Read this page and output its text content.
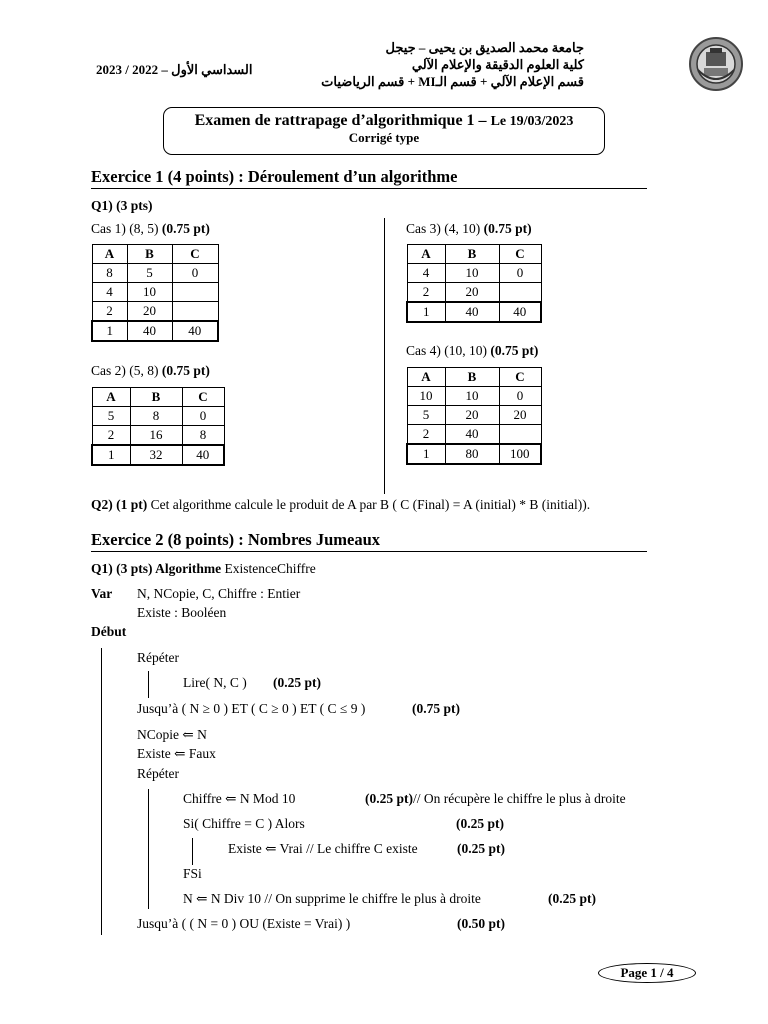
جامعة محمد الصديق بن يحيى – جيجل
كلية العلوم الدقيقة والإعلام الآلي
قسم الإعلام الآلي + قسم الـMI + قسم الرياضيات
السداسي الأول – 2022 / 2023
Examen de rattrapage d’algorithmique 1 – Le 19/03/2023
Corrigé type
Exercice 1 (4 points) : Déroulement d’un algorithme
Q1) (3 pts)
Cas 1) (8, 5) (0.75 pt)
A	B	C
8	5	0
4	10	
2	20	
1	40	40
Cas 2) (5, 8) (0.75 pt)
A	B	C
5	8	0
2	16	8
1	32	40
Cas 3) (4, 10) (0.75 pt)
A	B	C
4	10	0
2	20	
1	40	40
Cas 4) (10, 10) (0.75 pt)
A	B	C
10	10	0
5	20	20
2	40	
1	80	100
Q2) (1 pt) Cet algorithme calcule le produit de A par B ( C (Final) = A (initial) * B (initial)).
Exercice 2 (8 points) : Nombres Jumeaux
Q1) (3 pts) Algorithme ExistenceChiffre
Var N, NCopie, C, Chiffre : Entier
Existe : Booléen
Début
Répéter
Lire( N, C ) (0.25 pt)
Jusqu’à ( N ≥ 0 ) ET ( C ≥ 0 ) ET ( C ≤ 9 )	(0.75 pt)
NCopie ⇐ N
Existe ⇐ Faux
Répéter
Chiffre ⇐ N Mod 10	(0.25 pt)// On récupère le chiffre le plus à droite
Si( Chiffre = C ) Alors	(0.25 pt)
Existe ⇐ Vrai // Le chiffre C existe	(0.25 pt)
FSi
N ⇐ N Div 10 // On supprime le chiffre le plus à droite	(0.25 pt)
Jusqu’à ( ( N = 0 ) OU (Existe = Vrai) )	(0.50 pt)
Page 1 / 4
